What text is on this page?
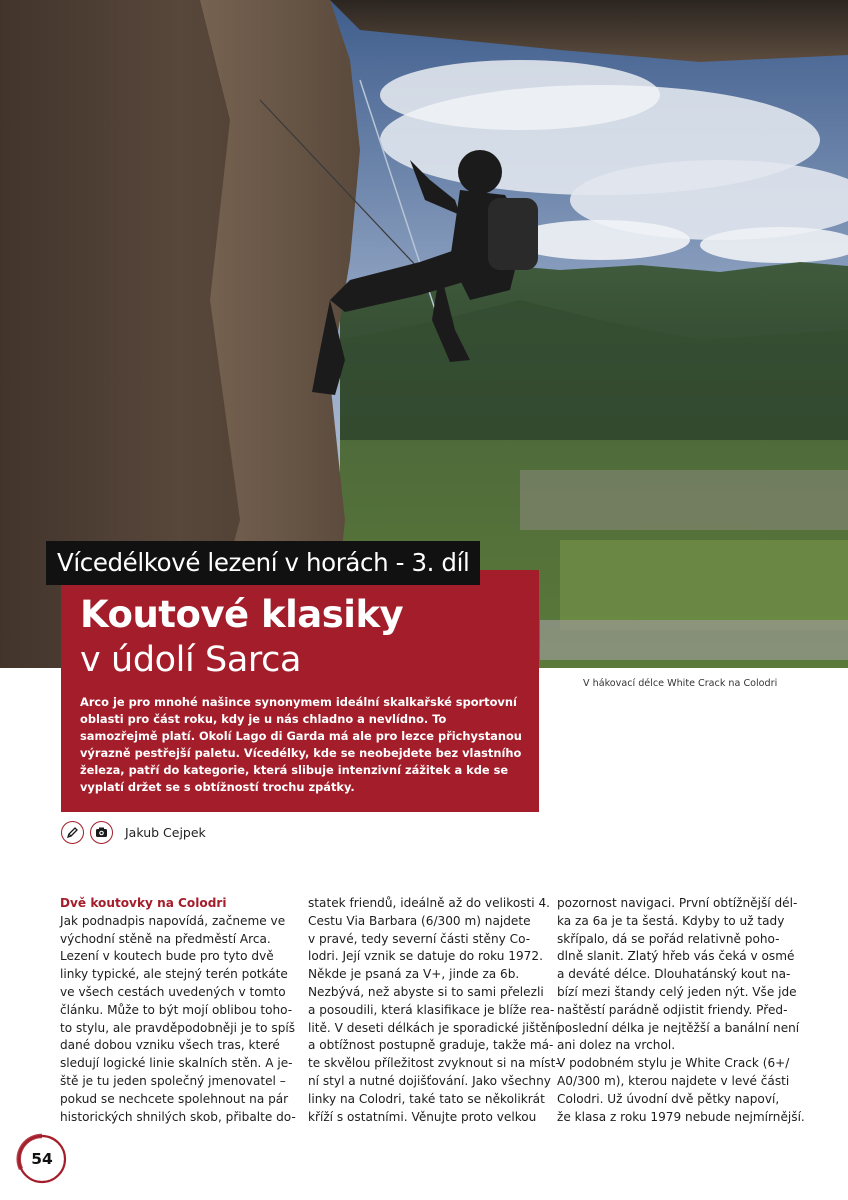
V hákovací délce White Crack na Colodri
Koutové klasiky
v údolí Sarca

Arco je pro mnohé našince synonymem ideální skalkařské sportovní oblasti pro část roku, kdy je u nás chladno a nevlídno. To samozřejmě platí. Okolí Lago di Garda má ale pro lezce přichystanou výrazně pestřejší paletu. Vícedélky, kde se neobejdete bez vlastního železa, patří do kategorie, která slibuje intenzivní zážitek a kde se vyplatí držet se s obtížností trochu zpátky.

Vícedélkové lezení v horách - 3. díl
Jakub Cejpek
Dvě koutovky na Colodri
Jak podnadpis napovídá, začneme ve
východní stěně na předměstí Arca.
Lezení v koutech bude pro tyto dvě
linky typické, ale stejný terén potkáte
ve všech cestách uvedených v tomto
článku. Může to být mojí oblibou toho-
to stylu, ale pravděpodobněji je to spíš
dané dobou vzniku všech tras, které
sledují logické linie skalních stěn. A je-
ště je tu jeden společný jmenovatel –
pokud se nechcete spolehnout na pár
historických shnilých skob, přibalte do-
statek friendů, ideálně až do velikosti 4.
Cestu Via Barbara (6/300 m) najdete
v pravé, tedy severní části stěny Co-
lodri. Její vznik se datuje do roku 1972.
Někde je psaná za V+, jinde za 6b.
Nezbývá, než abyste si to sami přelezli
a posoudili, která klasifikace je blíže rea-
litě. V deseti délkách je sporadické jištění
a obtížnost postupně graduje, takže má-
te skvělou příležitost zvyknout si na míst-
ní styl a nutné dojišťování. Jako všechny
linky na Colodri, také tato se několikrát
kříží s ostatními. Věnujte proto velkou
pozornost navigaci. První obtížnější dél-
ka za 6a je ta šestá. Kdyby to už tady
skřípalo, dá se pořád relativně poho-
dlně slanit. Zlatý hřeb vás čeká v osmé
a deváté délce. Dlouhatánský kout na-
bízí mezi štandy celý jeden nýt. Vše jde
naštěstí parádně odjistit friendy. Před-
poslední délka je nejtěžší a banální není
ani dolez na vrchol.
V podobném stylu je White Crack (6+/
A0/300 m), kterou najdete v levé části
Colodri. Už úvodní dvě pětky napoví,
že klasa z roku 1979 nebude nejmírnější.
54
